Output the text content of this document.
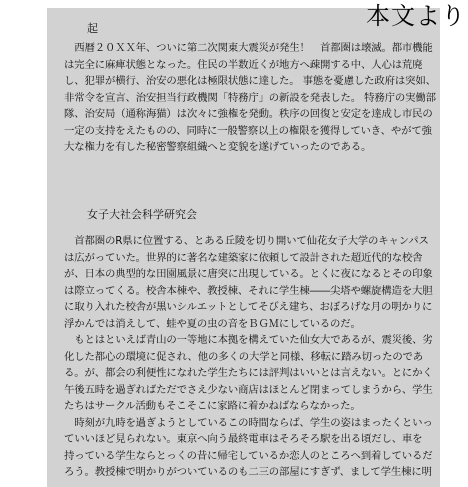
起
　西暦２０ＸＸ年、ついに第二次関東大震災が発生！　首都圏は壊滅。都市機能
は完全に麻痺状態となった。住民の半数近くが地方へ疎開する中、人心は荒廃
し、犯罪が横行、治安の悪化は極限状態に達した。 事態を憂慮した政府は突如、
非常令を宣言、治安担当行政機関「特務庁」の新設を発表した。 特務庁の実働部
隊、治安局（通称海猫）は次々に強権を発動。秩序の回復と安定を達成し市民の
一定の支持をえたものの、同時に一般警察以上の権限を獲得していき、やがて強
大な権力を有した秘密警察組織へと変貌を遂げていったのである。
女子大社会科学研究会
　首都圏のR県に位置する、とある丘陵を切り開いて仙花女子大学のキャンパス
は広がっていた。世界的に著名な建築家に依頼して設計された超近代的な校舎
が、日本の典型的な田園風景に唐突に出現している。とくに夜になるとその印象
は際立ってくる。校舎本棟や、教授棟、それに学生棟――尖塔や螺旋構造を大胆
に取り入れた校舎が黒いシルエットとしてそびえ建ち、おぼろげな月の明かりに
浮かんでは消えして、蛙や夏の虫の音をＢＧＭにしているのだ。
　もとはといえば青山の一等地に本拠を構えていた仙女大であるが、震災後、劣
化した都心の環境に促され、他の多くの大学と同様、移転に踏み切ったのであ
る。が、都会の利便性になれた学生たちには評判はいいとは言えない。とにかく
午後五時を過ぎればただでさえ少ない商店はほとんど閉まってしまうから、学生
たちはサークル活動もそこそこに家路に着かねばならなかった。
　時刻が九時を過ぎようとしているこの時間ならば、学生の姿はまったくといっ
ていいほど見られない。東京へ向う最終電車はそろそろ駅を出る頃だし、車を
持っている学生ならとっくの昔に帰宅しているか恋人のところへ到着しているだ
ろう。教授棟で明かりがついているのも二三の部屋にすぎず、まして学生棟に明
本文より
